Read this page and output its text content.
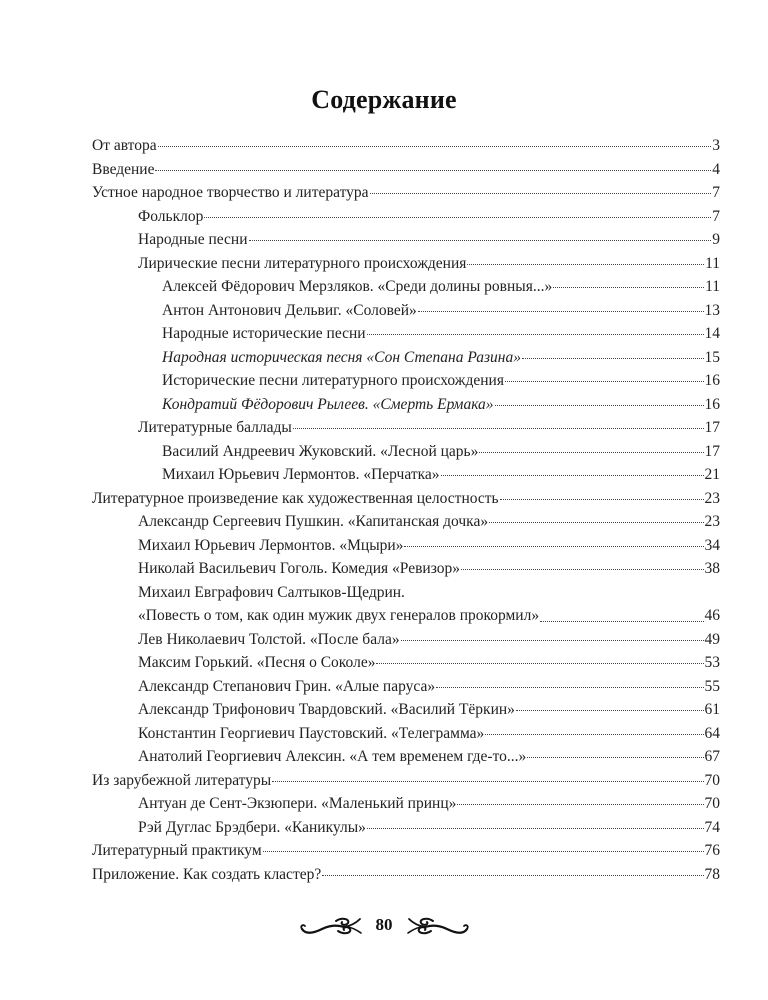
Содержание
От автора	3
Введение	4
Устное народное творчество и литература	7
Фольклор	7
Народные песни	9
Лирические песни литературного происхождения	11
Алексей Фёдорович Мерзляков. «Среди долины ровныя...»	11
Антон Антонович Дельвиг. «Соловей»	13
Народные исторические песни	14
Народная историческая песня «Сон Степана Разина»	15
Исторические песни литературного происхождения	16
Кондратий Фёдорович Рылеев. «Смерть Ермака»	16
Литературные баллады	17
Василий Андреевич Жуковский. «Лесной царь»	17
Михаил Юрьевич Лермонтов. «Перчатка»	21
Литературное произведение как художественная целостность	23
Александр Сергеевич Пушкин. «Капитанская дочка»	23
Михаил Юрьевич Лермонтов. «Мцыри»	34
Николай Васильевич Гоголь. Комедия «Ревизор»	38
Михаил Евграфович Салтыков-Щедрин.
«Повесть о том, как один мужик двух генералов прокормил»	46
Лев Николаевич Толстой. «После бала»	49
Максим Горький. «Песня о Соколе»	53
Александр Степанович Грин. «Алые паруса»	55
Александр Трифонович Твардовский. «Василий Тёркин»	61
Константин Георгиевич Паустовский. «Телеграмма»	64
Анатолий Георгиевич Алексин. «А тем временем где-то...»	67
Из зарубежной литературы	70
Антуан де Сент-Экзюпери. «Маленький принц»	70
Рэй Дуглас Брэдбери. «Каникулы»	74
Литературный практикум	76
Приложение. Как создать кластер?	78
80
